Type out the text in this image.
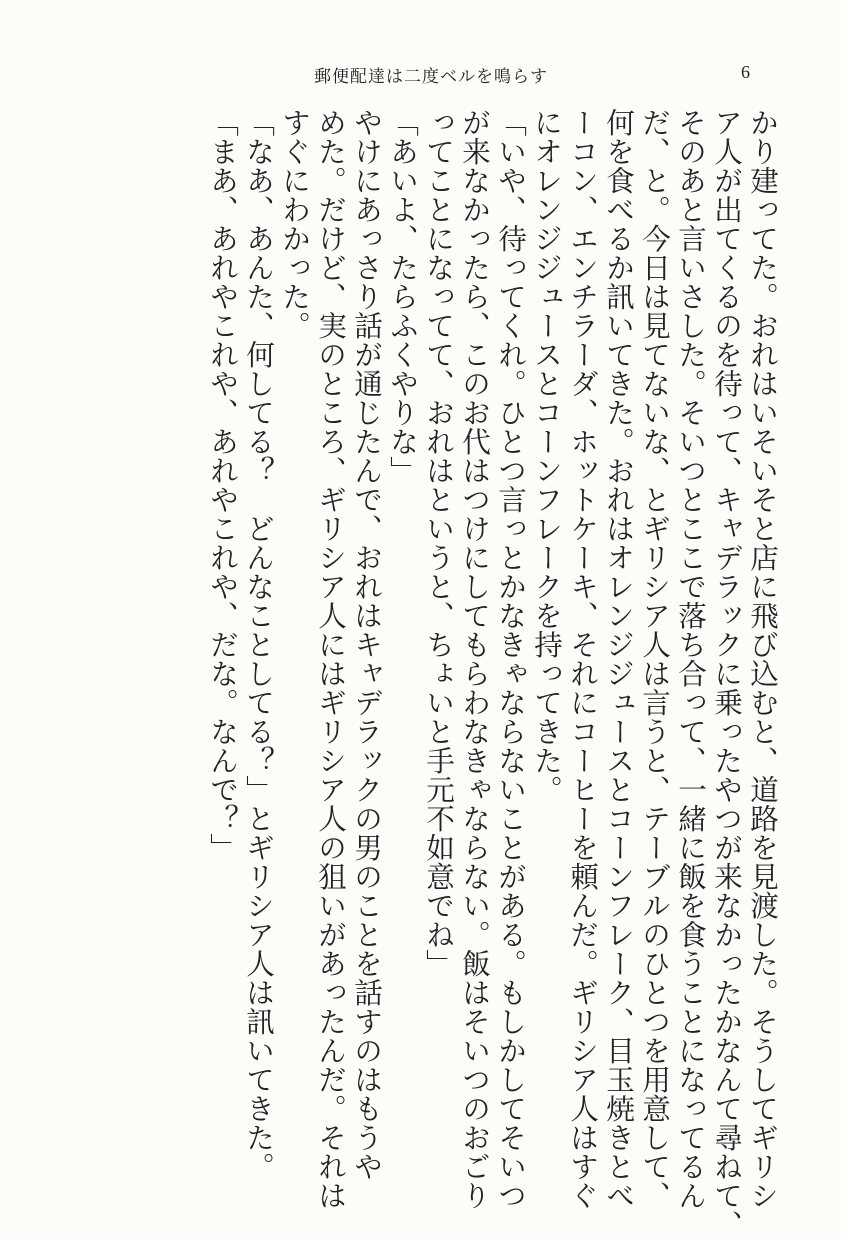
郵便配達は二度ベルを鳴らす	6
かり建ってた。おれはいそいそと店に飛び込むと、道路を見渡した。そうしてギリシ
ア人が出てくるのを待って、キャデラックに乗ったやつが来なかったかなんて尋ねて、
そのあと言いさした。そいつとここで落ち合って、一緒に飯を食うことになってるん
だ、と。今日は見てないな、とギリシア人は言うと、テーブルのひとつを用意して、
何を食べるか訊いてきた。おれはオレンジジュースとコーンフレーク、目玉焼きとべ
ーコン、エンチラーダ、ホットケーキ、それにコーヒーを頼んだ。ギリシア人はすぐ
にオレンジジュースとコーンフレークを持ってきた。
「いや、待ってくれ。ひとつ言っとかなきゃならないことがある。もしかしてそいつ
が来なかったら、このお代はつけにしてもらわなきゃならない。飯はそいつのおごり
ってことになってて、おれはというと、ちょいと手元不如意でね」
「あいよ、たらふくやりな」
やけにあっさり話が通じたんで、おれはキャデラックの男のことを話すのはもうや
めた。だけど、実のところ、ギリシア人にはギリシア人の狙いがあったんだ。それは
すぐにわかった。
「なあ、あんた、何してる？　どんなことしてる？」とギリシア人は訊いてきた。
「まあ、あれやこれや、あれやこれや、だな。なんで？」
